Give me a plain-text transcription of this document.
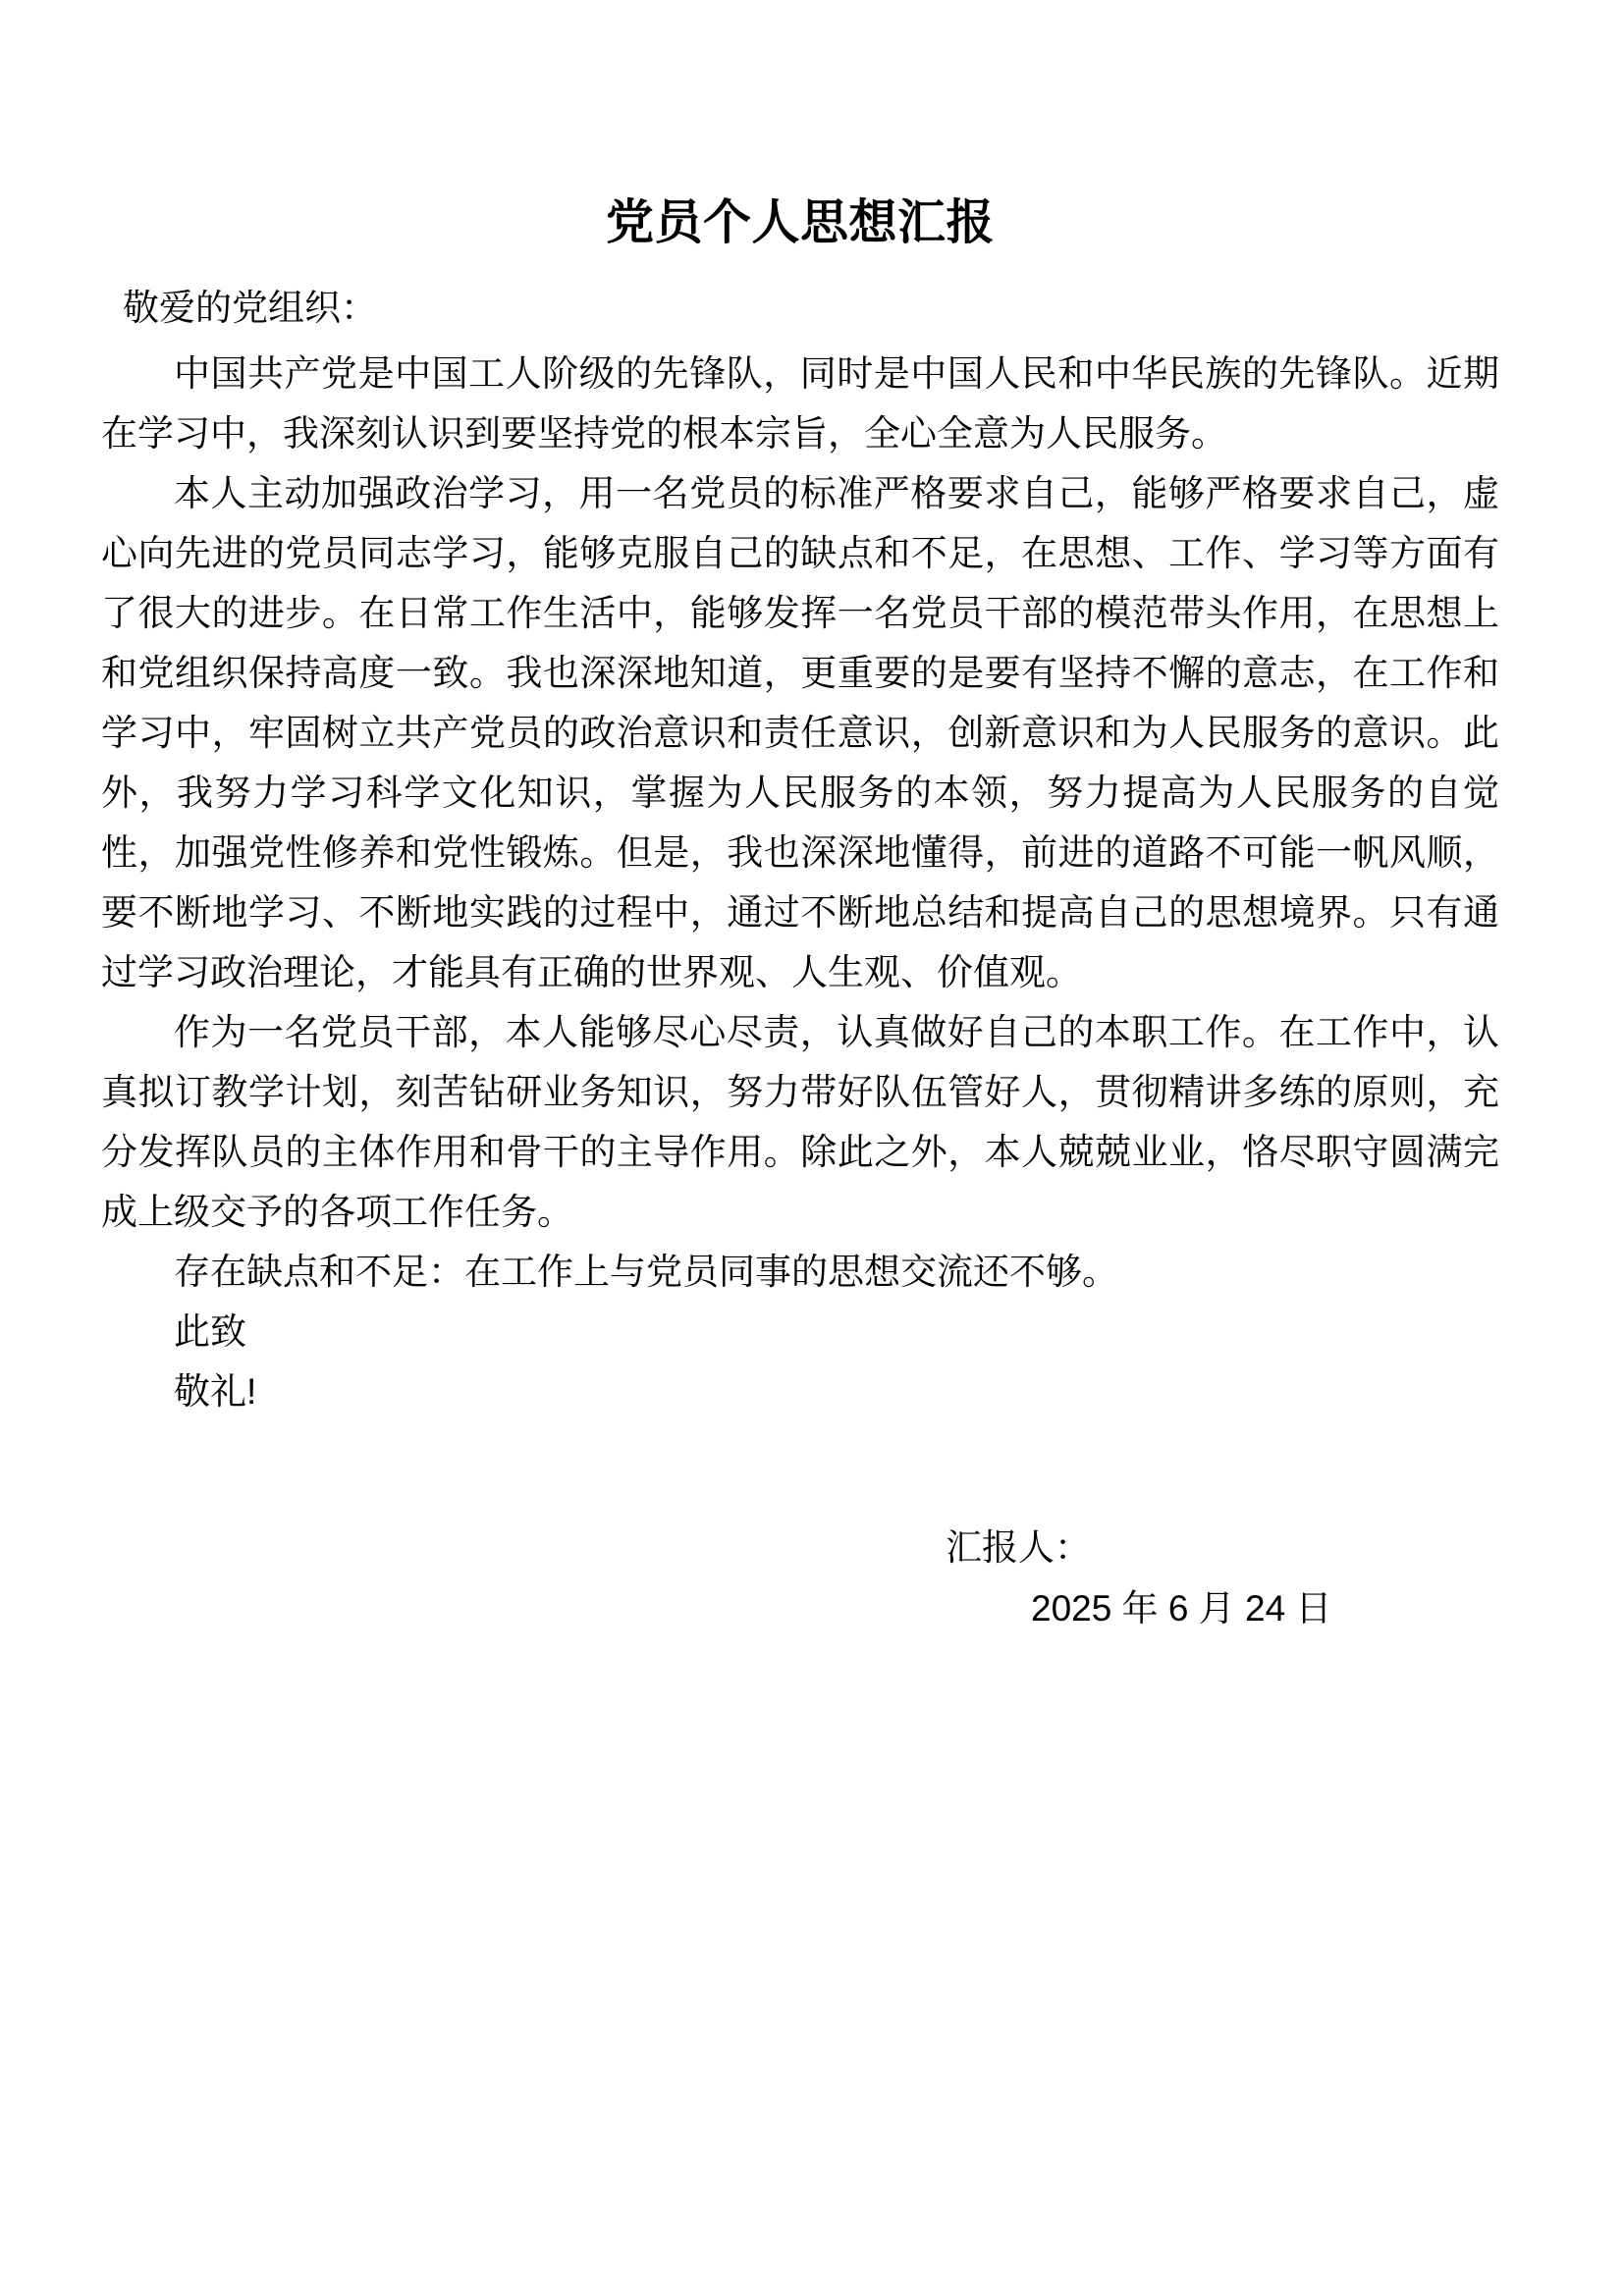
党员个人思想汇报

敬爱的党组织：

中国共产党是中国工人阶级的先锋队，同时是中国人民和中华民族的先锋队。近期在学习中，我深刻认识到要坚持党的根本宗旨，全心全意为人民服务。

本人主动加强政治学习，用一名党员的标准严格要求自己，能够严格要求自己，虚心向先进的党员同志学习，能够克服自己的缺点和不足，在思想、工作、学习等方面有了很大的进步。在日常工作生活中，能够发挥一名党员干部的模范带头作用，在思想上和党组织保持高度一致。我也深深地知道，更重要的是要有坚持不懈的意志，在工作和学习中，牢固树立共产党员的政治意识和责任意识，创新意识和为人民服务的意识。此外，我努力学习科学文化知识，掌握为人民服务的本领，努力提高为人民服务的自觉性，加强党性修养和党性锻炼。但是，我也深深地懂得，前进的道路不可能一帆风顺，要不断地学习、不断地实践的过程中，通过不断地总结和提高自己的思想境界。只有通过学习政治理论，才能具有正确的世界观、人生观、价值观。

作为一名党员干部，本人能够尽心尽责，认真做好自己的本职工作。在工作中，认真拟订教学计划，刻苦钻研业务知识，努力带好队伍管好人，贯彻精讲多练的原则，充分发挥队员的主体作用和骨干的主导作用。除此之外，本人兢兢业业，恪尽职守圆满完成上级交予的各项工作任务。

存在缺点和不足：在工作上与党员同事的思想交流还不够。

此致

敬礼!

汇报人：

2025 年 6 月 24 日
